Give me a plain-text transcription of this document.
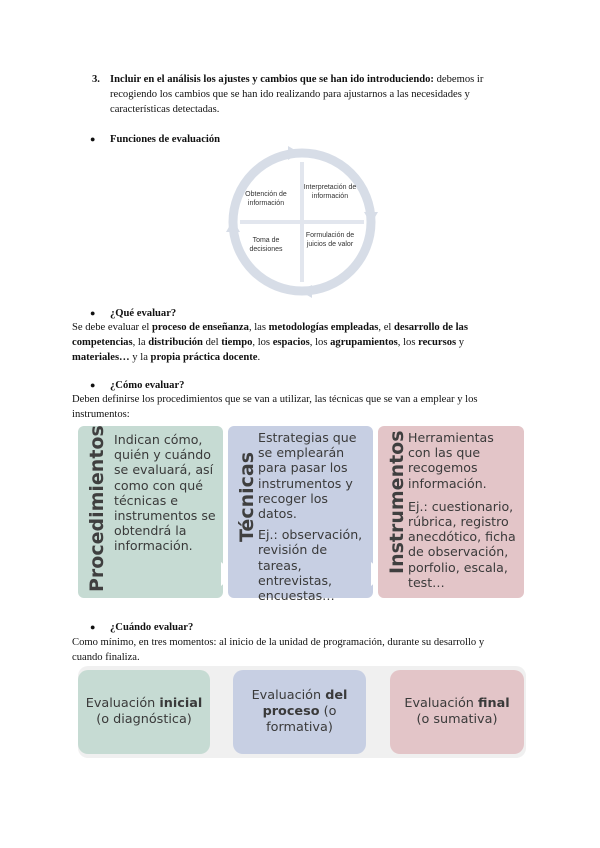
3. Incluir en el análisis los ajustes y cambios que se han ido introduciendo: debemos ir
recogiendo los cambios que se han ido realizando para ajustarnos a las necesidades y
características detectadas.
● Funciones de evaluación
Obtención de información
Interpretación de información
Formulación de juicios de valor
Toma de decisiones
● ¿Qué evaluar?
Se debe evaluar el proceso de enseñanza, las metodologías empleadas, el desarrollo de las
competencias, la distribución del tiempo, los espacios, los agrupamientos, los recursos y
materiales… y la propia práctica docente.
● ¿Cómo evaluar?
Deben definirse los procedimientos que se van a utilizar, las técnicas que se van a emplear y los
instrumentos:
Procedimientos Indican cómo,
quién y cuándo
se evaluará, así
como con qué
técnicas e
instrumentos se
obtendrá la
información.
Técnicas
Estrategias que
se emplearán
para pasar los
instrumentos y
recoger los
datos.
Ej.: observación,
revisión de
tareas,
entrevistas,
encuestas…
Instrumentos Herramientas
con las que
recogemos
información.
Ej.: cuestionario,
rúbrica, registro
anecdótico, ficha
de observación,
porfolio, escala,
test…
● ¿Cuándo evaluar?
Como mínimo, en tres momentos: al inicio de la unidad de programación, durante su desarrollo y
cuando finaliza.
Evaluación inicial
(o diagnóstica)
Evaluación del
proceso (o
formativa)
Evaluación final
(o sumativa)
